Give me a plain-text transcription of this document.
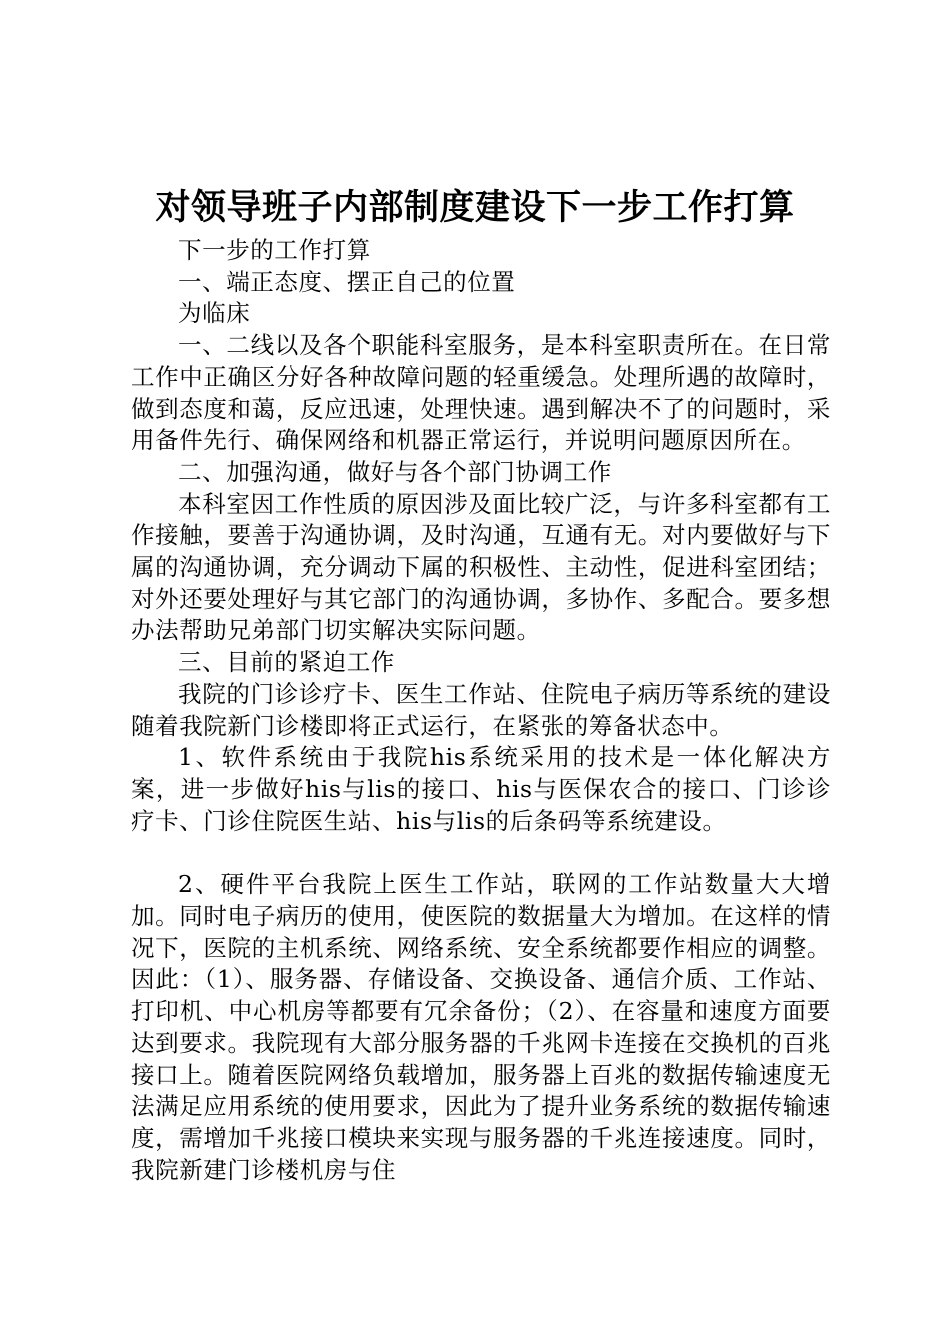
对领导班子内部制度建设下一步工作打算

下一步的工作打算

一、端正态度、摆正自己的位置

为临床

一、二线以及各个职能科室服务，是本科室职责所在。在日常工作中正确区分好各种故障问题的轻重缓急。处理所遇的故障时，做到态度和蔼，反应迅速，处理快速。遇到解决不了的问题时，采用备件先行、确保网络和机器正常运行，并说明问题原因所在。

二、加强沟通，做好与各个部门协调工作

本科室因工作性质的原因涉及面比较广泛，与许多科室都有工作接触，要善于沟通协调，及时沟通，互通有无。对内要做好与下属的沟通协调，充分调动下属的积极性、主动性，促进科室团结；对外还要处理好与其它部门的沟通协调，多协作、多配合。要多想办法帮助兄弟部门切实解决实际问题。

三、目前的紧迫工作

我院的门诊诊疗卡、医生工作站、住院电子病历等系统的建设随着我院新门诊楼即将正式运行，在紧张的筹备状态中。

1、软件系统由于我院his系统采用的技术是一体化解决方案，进一步做好his与lis的接口、his与医保农合的接口、门诊诊疗卡、门诊住院医生站、his与lis的后条码等系统建设。

2、硬件平台我院上医生工作站，联网的工作站数量大大增加。同时电子病历的使用，使医院的数据量大为增加。在这样的情况下，医院的主机系统、网络系统、安全系统都要作相应的调整。因此：（1）、服务器、存储设备、交换设备、通信介质、工作站、打印机、中心机房等都要有冗余备份；（2）、在容量和速度方面要达到要求。我院现有大部分服务器的千兆网卡连接在交换机的百兆接口上。随着医院网络负载增加，服务器上百兆的数据传输速度无法满足应用系统的使用要求，因此为了提升业务系统的数据传输速度，需增加千兆接口模块来实现与服务器的千兆连接速度。同时，我院新建门诊楼机房与住
